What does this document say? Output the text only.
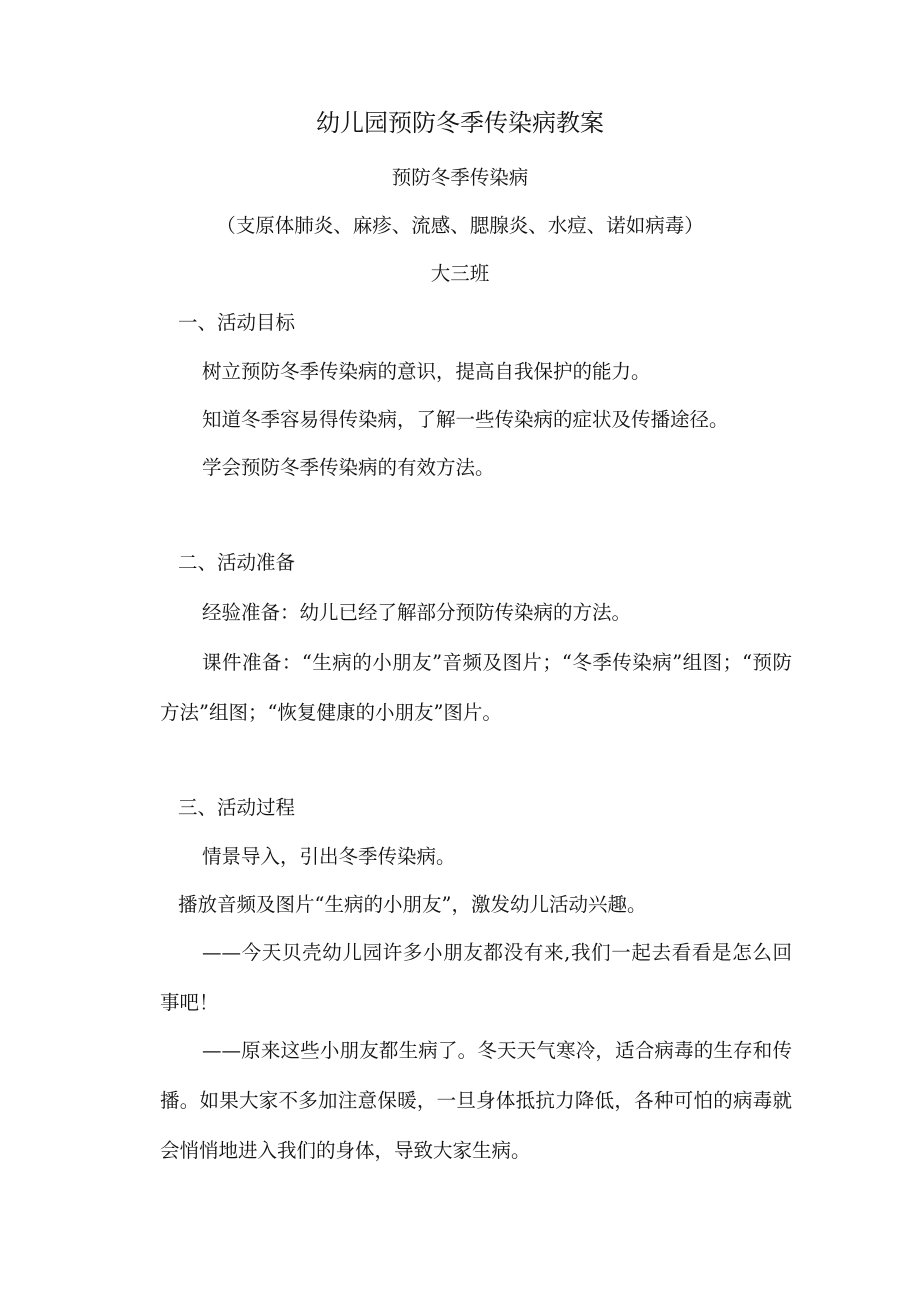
幼儿园预防冬季传染病教案
预防冬季传染病
（支原体肺炎、麻疹、流感、腮腺炎、水痘、诺如病毒）
大三班
一、活动目标
树立预防冬季传染病的意识，提高自我保护的能力。
知道冬季容易得传染病，了解一些传染病的症状及传播途径。
学会预防冬季传染病的有效方法。
二、活动准备
经验准备：幼儿已经了解部分预防传染病的方法。

课件准备：“生病的小朋友”音频及图片；“冬季传染病”组图；“预防方法”组图；“恢复健康的小朋友”图片。

三、活动过程
情景导入，引出冬季传染病。
播放音频及图片“生病的小朋友”，激发幼儿活动兴趣。

——今天贝壳幼儿园许多小朋友都没有来,我们一起去看看是怎么回事吧！

——原来这些小朋友都生病了。冬天天气寒冷，适合病毒的生存和传播。如果大家不多加注意保暖，一旦身体抵抗力降低，各种可怕的病毒就会悄悄地进入我们的身体，导致大家生病。
